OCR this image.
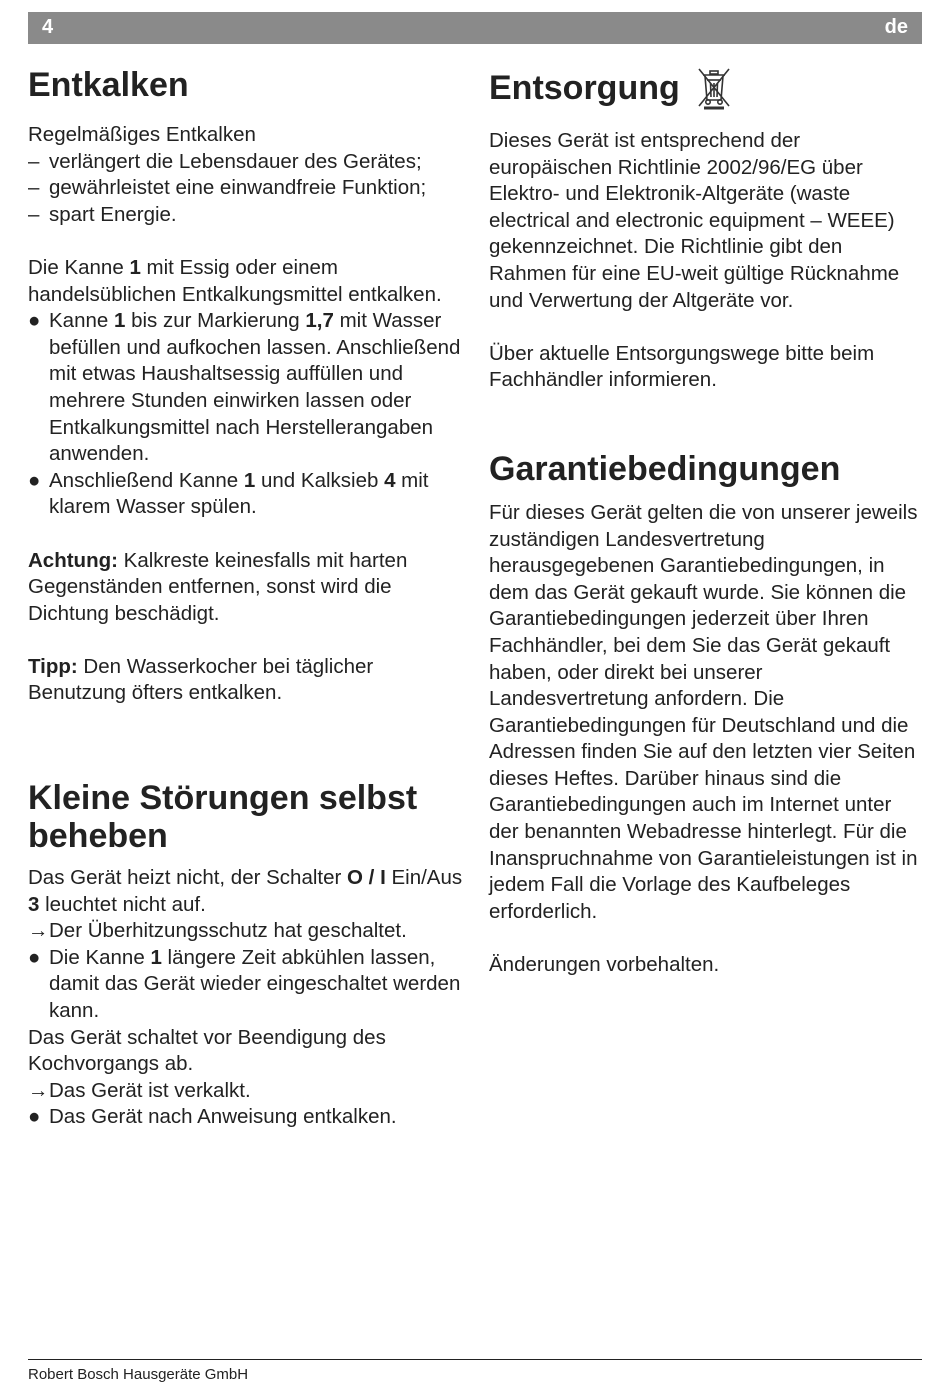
4	de
Entkalken

Regelmäßiges Entkalken

– verlängert die Lebensdauer des Gerätes;
– gewährleistet eine einwandfreie Funktion;
– spart Energie.

Die Kanne 1 mit Essig oder einem handelsüblichen Entkalkungsmittel entkalken.

● Kanne 1 bis zur Markierung 1,7 mit Wasser befüllen und aufkochen lassen. Anschließend mit etwas Haushaltsessig auffüllen und mehrere Stunden einwirken lassen oder Entkalkungsmittel nach Herstellerangaben anwenden.
● Anschließend Kanne 1 und Kalksieb 4 mit klarem Wasser spülen.

Achtung: Kalkreste keinesfalls mit harten Gegenständen entfernen, sonst wird die Dichtung beschädigt.

Tipp: Den Wasserkocher bei täglicher Benutzung öfters entkalken.

Kleine Störungen selbst beheben

Das Gerät heizt nicht, der Schalter O / I Ein/Aus 3 leuchtet nicht auf.

→ Der Überhitzungsschutz hat geschaltet.
● Die Kanne 1 längere Zeit abkühlen lassen, damit das Gerät wieder eingeschaltet werden kann.

Das Gerät schaltet vor Beendigung des Kochvorgangs ab.

→ Das Gerät ist verkalkt.
● Das Gerät nach Anweisung entkalken.
Entsorgung

Dieses Gerät ist entsprechend der europäischen Richtlinie 2002/96/EG über Elektro- und Elektronik-Altgeräte (waste electrical and electronic equipment – WEEE) gekennzeichnet. Die Richtlinie gibt den Rahmen für eine EU-weit gültige Rücknahme und Verwertung der Altgeräte vor.

Über aktuelle Entsorgungswege bitte beim Fachhändler informieren.

Garantiebedingungen

Für dieses Gerät gelten die von unserer jeweils zuständigen Landesvertretung herausgegebenen Garantiebedingungen, in dem das Gerät gekauft wurde. Sie können die Garantiebedingungen jederzeit über Ihren Fachhändler, bei dem Sie das Gerät gekauft haben, oder direkt bei unserer Landesvertretung anfordern. Die Garantiebedingungen für Deutschland und die Adressen finden Sie auf den letzten vier Seiten dieses Heftes. Darüber hinaus sind die Garantiebedingungen auch im Internet unter der benannten Webadresse hinterlegt. Für die Inanspruchnahme von Garantieleistungen ist in jedem Fall die Vorlage des Kaufbeleges erforderlich.

Änderungen vorbehalten.

Robert Bosch Hausgeräte GmbH
